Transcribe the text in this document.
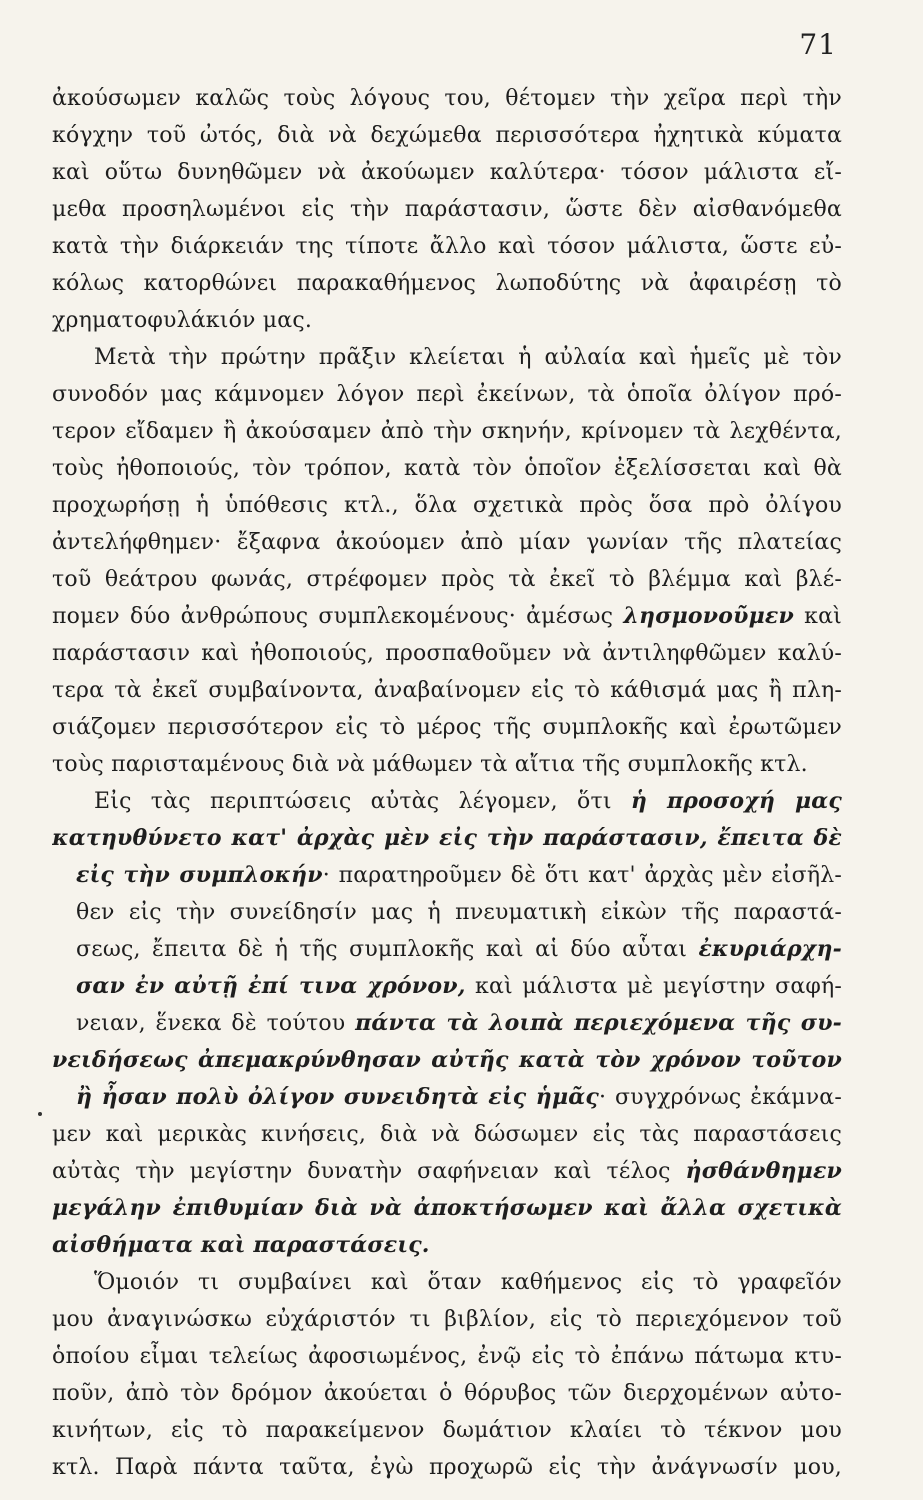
71
ἀκούσωμεν καλῶς τοὺς λόγους του, θέτομεν τὴν χεῖρα περὶ τὴν
κόγχην τοῦ ὠτός, διὰ νὰ δεχώμεθα περισσότερα ἠχητικὰ κύματα
καὶ οὕτω δυνηθῶμεν νὰ ἀκούωμεν καλύτερα· τόσον μάλιστα εἴ-
μεθα προσηλωμένοι εἰς τὴν παράστασιν, ὥστε δὲν αἰσθανόμεθα
κατὰ τὴν διάρκειάν της τίποτε ἄλλο καὶ τόσον μάλιστα, ὥστε εὐ-
κόλως κατορθώνει παρακαθήμενος λωποδύτης νὰ ἀφαιρέσῃ τὸ
χρηματοφυλάκιόν μας.
Μετὰ τὴν πρώτην πρᾶξιν κλείεται ἡ αὐλαία καὶ ἡμεῖς μὲ τὸν
συνοδόν μας κάμνομεν λόγον περὶ ἐκείνων, τὰ ὁποῖα ὀλίγον πρό-
τερον εἴδαμεν ἢ ἀκούσαμεν ἀπὸ τὴν σκηνήν, κρίνομεν τὰ λεχθέντα,
τοὺς ἠθοποιούς, τὸν τρόπον, κατὰ τὸν ὁποῖον ἐξελίσσεται καὶ θὰ
προχωρήσῃ ἡ ὑπόθεσις κτλ., ὅλα σχετικὰ πρὸς ὅσα πρὸ ὀλίγου
ἀντελήφθημεν· ἔξαφνα ἀκούομεν ἀπὸ μίαν γωνίαν τῆς πλατείας
τοῦ θεάτρου φωνάς, στρέφομεν πρὸς τὰ ἐκεῖ τὸ βλέμμα καὶ βλέ-
πομεν δύο ἀνθρώπους συμπλεκομένους· ἀμέσως λησμονοῦμεν καὶ
παράστασιν καὶ ἠθοποιούς, προσπαθοῦμεν νὰ ἀντιληφθῶμεν καλύ-
τερα τὰ ἐκεῖ συμβαίνοντα, ἀναβαίνομεν εἰς τὸ κάθισμά μας ἢ πλη-
σιάζομεν περισσότερον εἰς τὸ μέρος τῆς συμπλοκῆς καὶ ἐρωτῶμεν
τοὺς παρισταμένους διὰ νὰ μάθωμεν τὰ αἴτια τῆς συμπλοκῆς κτλ.
Εἰς τὰς περιπτώσεις αὐτὰς λέγομεν, ὅτι ἡ προσοχή μας
κατηυθύνετο κατ' ἀρχὰς μὲν εἰς τὴν παράστασιν, ἔπειτα δὲ
εἰς τὴν συμπλοκήν· παρατηροῦμεν δὲ ὅτι κατ' ἀρχὰς μὲν εἰσῆλ-
θεν εἰς τὴν συνείδησίν μας ἡ πνευματικὴ εἰκὼν τῆς παραστά-
σεως, ἔπειτα δὲ ἡ τῆς συμπλοκῆς καὶ αἱ δύο αὗται ἐκυριάρχη-
σαν ἐν αὐτῇ ἐπί τινα χρόνον, καὶ μάλιστα μὲ μεγίστην σαφή-
νειαν, ἕνεκα δὲ τούτου πάντα τὰ λοιπὰ περιεχόμενα τῆς συ-
νειδήσεως ἀπεμακρύνθησαν αὐτῆς κατὰ τὸν χρόνον τοῦτον
ἢ ἦσαν πολὺ ὀλίγον συνειδητὰ εἰς ἡμᾶς· συγχρόνως ἐκάμνα-
μεν καὶ μερικὰς κινήσεις, διὰ νὰ δώσωμεν εἰς τὰς παραστάσεις
αὐτὰς τὴν μεγίστην δυνατὴν σαφήνειαν καὶ τέλος ἠσθάνθημεν
μεγάλην ἐπιθυμίαν διὰ νὰ ἀποκτήσωμεν καὶ ἄλλα σχετικὰ
αἰσθήματα καὶ παραστάσεις.
Ὅμοιόν τι συμβαίνει καὶ ὅταν καθήμενος εἰς τὸ γραφεῖόν
μου ἀναγινώσκω εὐχάριστόν τι βιβλίον, εἰς τὸ περιεχόμενον τοῦ
ὁποίου εἶμαι τελείως ἀφοσιωμένος, ἐνῷ εἰς τὸ ἐπάνω πάτωμα κτυ-
ποῦν, ἀπὸ τὸν δρόμον ἀκούεται ὁ θόρυβος τῶν διερχομένων αὐτο-
κινήτων, εἰς τὸ παρακείμενον δωμάτιον κλαίει τὸ τέκνον μου
κτλ. Παρὰ πάντα ταῦτα, ἐγὼ προχωρῶ εἰς τὴν ἀνάγνωσίν μου,
